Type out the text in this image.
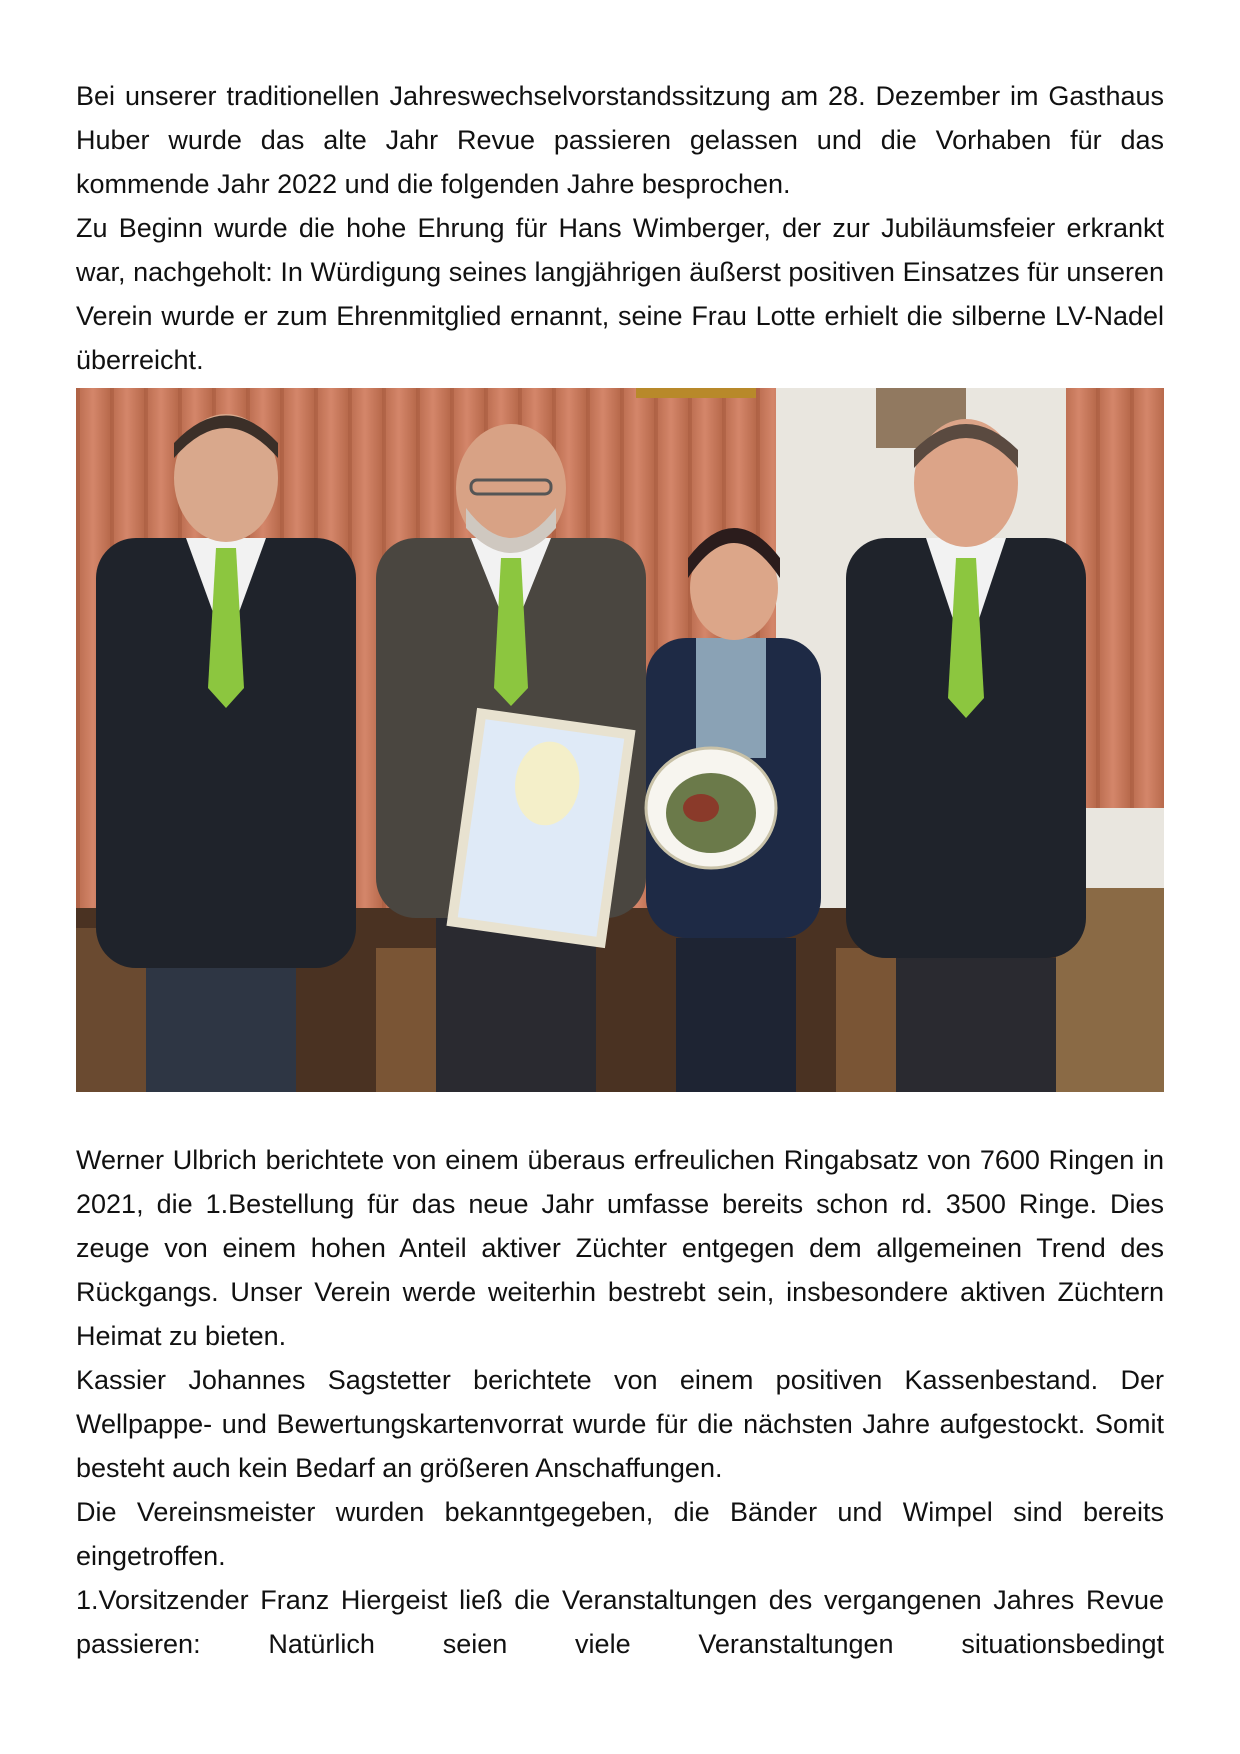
Bei unserer traditionellen Jahreswechselvorstandssitzung am 28. Dezember im Gasthaus Huber wurde das alte Jahr Revue passieren gelassen und die Vorhaben für das kommende Jahr 2022 und die folgenden Jahre besprochen.

Zu Beginn wurde die hohe Ehrung für Hans Wimberger, der zur Jubiläumsfeier erkrankt war, nachgeholt: In Würdigung seines langjährigen äußerst positiven Einsatzes für unseren Verein wurde er zum Ehrenmitglied ernannt, seine Frau Lotte erhielt die silberne LV-Nadel überreicht.

Werner Ulbrich berichtete von einem überaus erfreulichen Ringabsatz von 7600 Ringen in 2021, die 1.Bestellung für das neue Jahr umfasse bereits schon rd. 3500 Ringe. Dies zeuge von einem hohen Anteil aktiver Züchter entgegen dem allgemeinen Trend des Rückgangs. Unser Verein werde weiterhin bestrebt sein, insbesondere aktiven Züchtern Heimat zu bieten.

Kassier Johannes Sagstetter berichtete von einem positiven Kassenbestand. Der Wellpappe- und Bewertungskartenvorrat wurde für die nächsten Jahre aufgestockt. Somit besteht auch kein Bedarf an größeren Anschaffungen.

Die Vereinsmeister wurden bekanntgegeben, die Bänder und Wimpel sind bereits eingetroffen.

1.Vorsitzender Franz Hiergeist ließ die Veranstaltungen des vergangenen Jahres Revue passieren: Natürlich seien viele Veranstaltungen situationsbedingt
